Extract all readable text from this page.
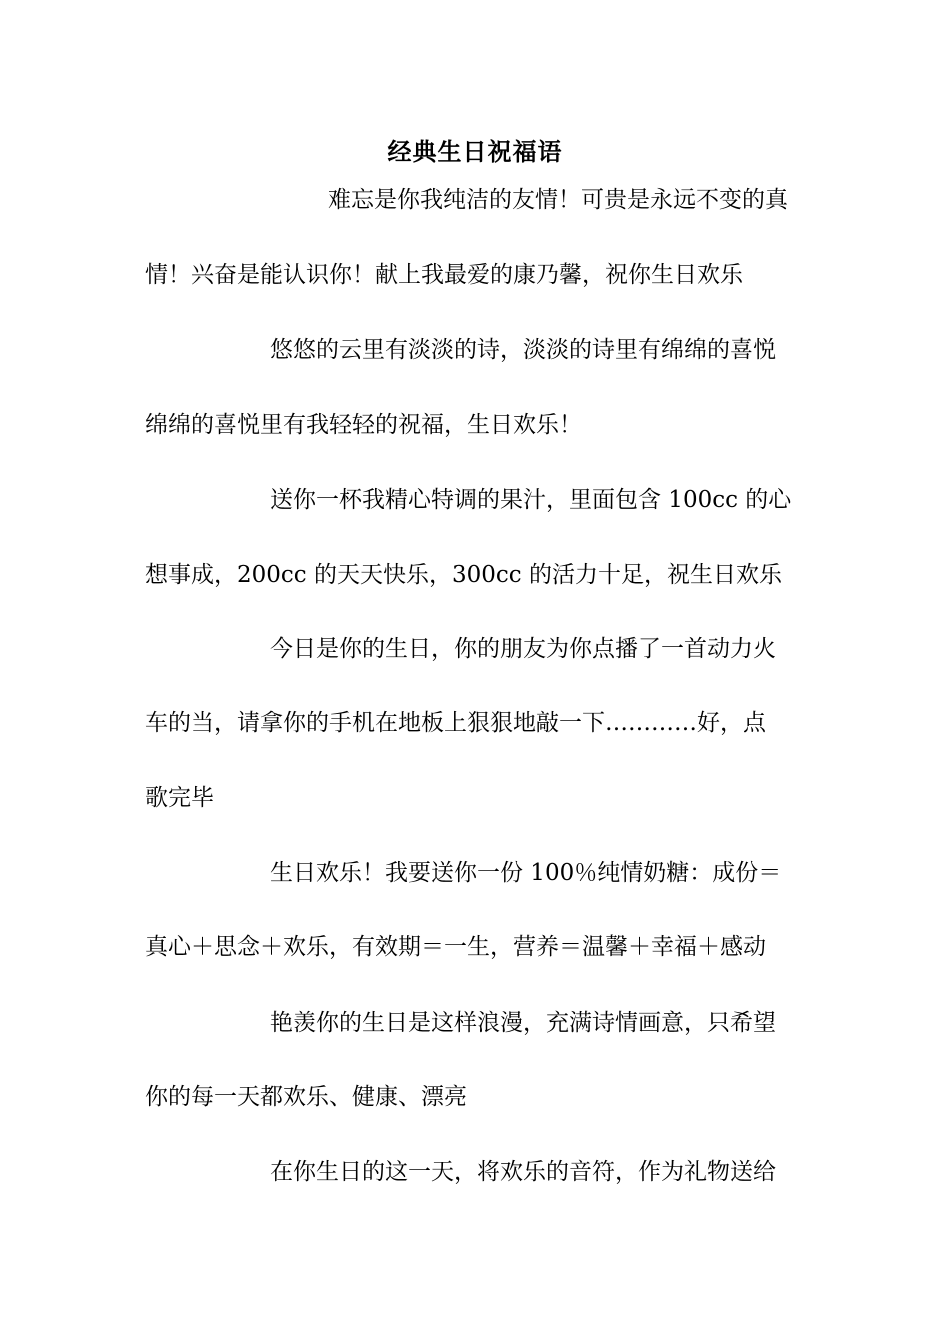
经典生日祝福语
难忘是你我纯洁的友情！可贵是永远不变的真
情！兴奋是能认识你！献上我最爱的康乃馨，祝你生日欢乐
悠悠的云里有淡淡的诗，淡淡的诗里有绵绵的喜悦
绵绵的喜悦里有我轻轻的祝福，生日欢乐！
送你一杯我精心特调的果汁，里面包含 100cc 的心
想事成，200cc 的天天快乐，300cc 的活力十足，祝生日欢乐
今日是你的生日，你的朋友为你点播了一首动力火
车的当，请拿你的手机在地板上狠狠地敲一下…………好，点
歌完毕
生日欢乐！我要送你一份 100％纯情奶糖：成份＝
真心＋思念＋欢乐，有效期＝一生，营养＝温馨＋幸福＋感动
艳羡你的生日是这样浪漫，充满诗情画意，只希望
你的每一天都欢乐、健康、漂亮
在你生日的这一天，将欢乐的音符，作为礼物送给
